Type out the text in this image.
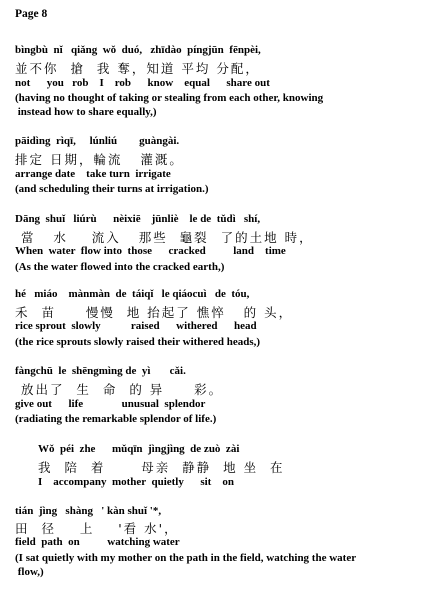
Page 8
bìngbù  nǐ   qiǎng  wǒ  duó,   zhīdào  píngjūn  fēnpèi,
並不你  搶  我 奪，知道 平均 分配，
not      you   rob    I    rob      know    equal      share out
(having no thought of taking or stealing from each other, knowing
instead how to share equally,)
pāidìng  rìqī,     lúnliú        guàngài.
排定 日期，輪流   灌溉。
arrange date    take turn  irrigate
(and scheduling their turns at irrigation.)
Dāng  shuǐ   liúrù      nèixiē    jūnliè    le de  tǔdì   shí,
當   水    流入   那些  龜裂  了的土地 時，
When  water  flow into  those      cracked          land    time
(As the water flowed into the cracked earth,)
hé   miáo    mànmàn  de  táiqǐ   le qiáocuì   de  tóu,
禾  苗     慢慢  地 抬起了 憔悴   的 头，
rice sprout  slowly           raised      withered      head
(the rice sprouts slowly raised their withered heads,)
fàngchū  le  shēngmìng de  yì       cǎi.
放出了  生  命  的 异     彩。
give out      life              unusual  splendor
(radiating the remarkable splendor of life.)
Wǒ  péi  zhe      mǔqīn  jìngjìng  de zuò  zài
我  陪  着      母亲  静静  地 坐  在
I    accompany  mother  quietly      sit    on
tián  jìng   shàng   ' kàn shuǐ '*,
田  径    上    '看 水'，
field  path  on          watching water
(I sat quietly with my mother on the path in the field, watching the water
flow,)
